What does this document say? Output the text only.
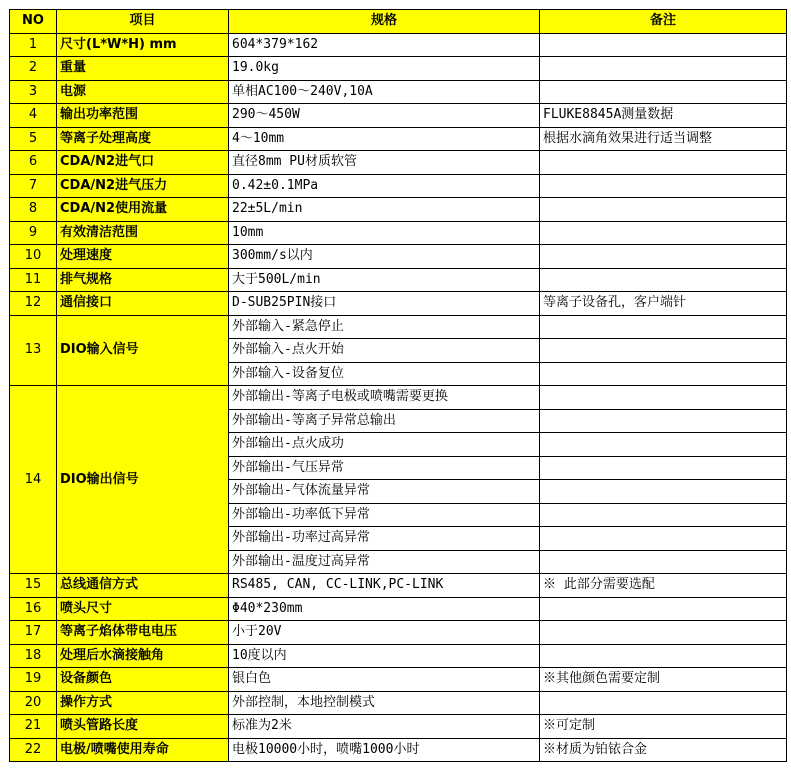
NO	项目	规格	备注
1	尺寸(L*W*H) mm	604*379*162	
2	重量	19.0kg	
3	电源	单相AC100～240V,10A	
4	输出功率范围	290～450W	FLUKE8845A测量数据
5	等离子处理高度	4～10mm	根据水滴角效果进行适当调整
6	CDA/N2进气口	直径8mm PU材质软管	
7	CDA/N2进气压力	0.42±0.1MPa	
8	CDA/N2使用流量	22±5L/min	
9	有效清洁范围	10mm	
10	处理速度	300mm/s以内	
11	排气规格	大于500L/min	
12	通信接口	D-SUB25PIN接口	等离子设备孔，客户端针
13	DIO输入信号	外部输入-紧急停止	
		外部输入-点火开始	
		外部输入-设备复位	
14	DIO输出信号	外部输出-等离子电极或喷嘴需要更换	
		外部输出-等离子异常总输出	
		外部输出-点火成功	
		外部输出-气压异常	
		外部输出-气体流量异常	
		外部输出-功率低下异常	
		外部输出-功率过高异常	
		外部输出-温度过高异常	
15	总线通信方式	RS485, CAN, CC-LINK,PC-LINK	※ 此部分需要选配
16	喷头尺寸	Φ40*230mm	
17	等离子焰体带电电压	小于20V	
18	处理后水滴接触角	10度以内	
19	设备颜色	银白色	※其他颜色需要定制
20	操作方式	外部控制，本地控制模式	
21	喷头管路长度	标准为2米	※可定制
22	电极/喷嘴使用寿命	电极10000小时，喷嘴1000小时	※材质为铂铱合金
